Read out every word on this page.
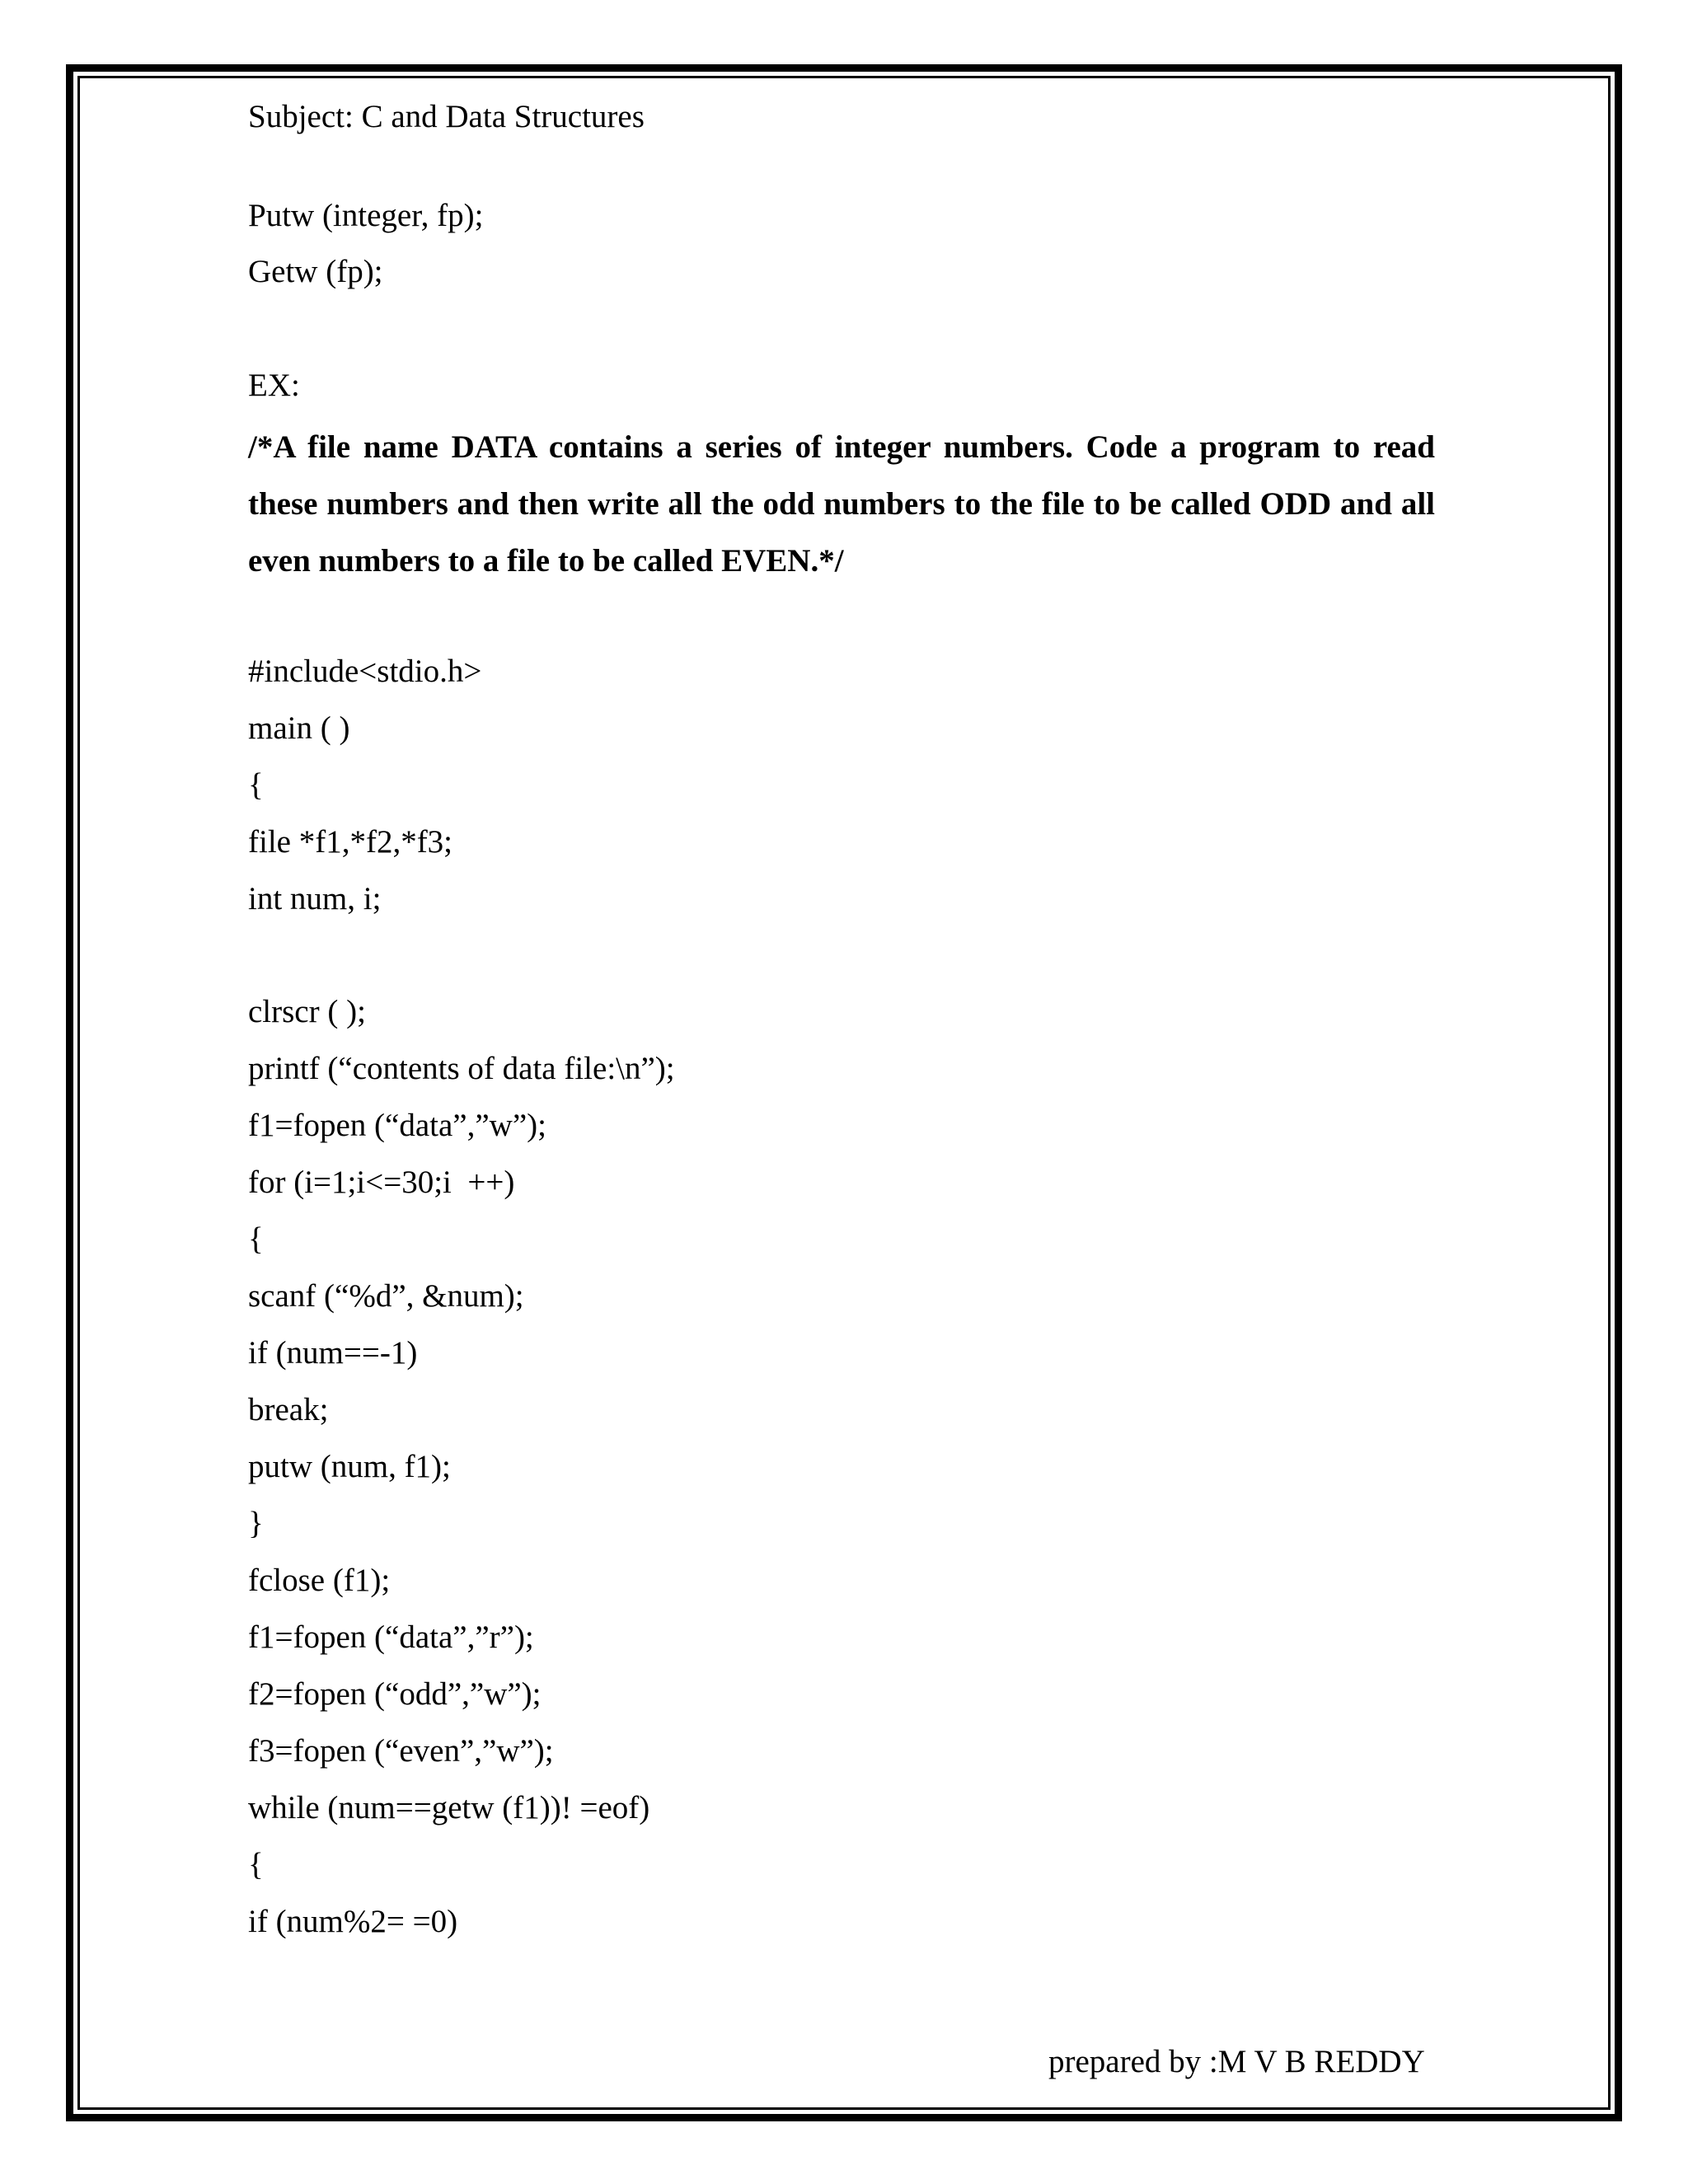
Subject: C and Data Structures
Putw (integer, fp);
Getw (fp);
EX:
/*A file name DATA contains a series of integer numbers. Code a program to read these numbers and then write all the odd numbers to the file to be called ODD and all even numbers to a file to be called EVEN.*/
#include<stdio.h>
main ( )
{
file *f1,*f2,*f3;
int num, i;
clrscr ( );
printf (“contents of data file:\n”);
f1=fopen (“data”,”w”);
for (i=1;i<=30;i  ++)
{
scanf (“%d”, &num);
if (num==-1)
break;
putw (num, f1);
}
fclose (f1);
f1=fopen (“data”,”r”);
f2=fopen (“odd”,”w”);
f3=fopen (“even”,”w”);
while (num==getw (f1))! =eof)
{
if (num%2= =0)
prepared by :M V B REDDY
